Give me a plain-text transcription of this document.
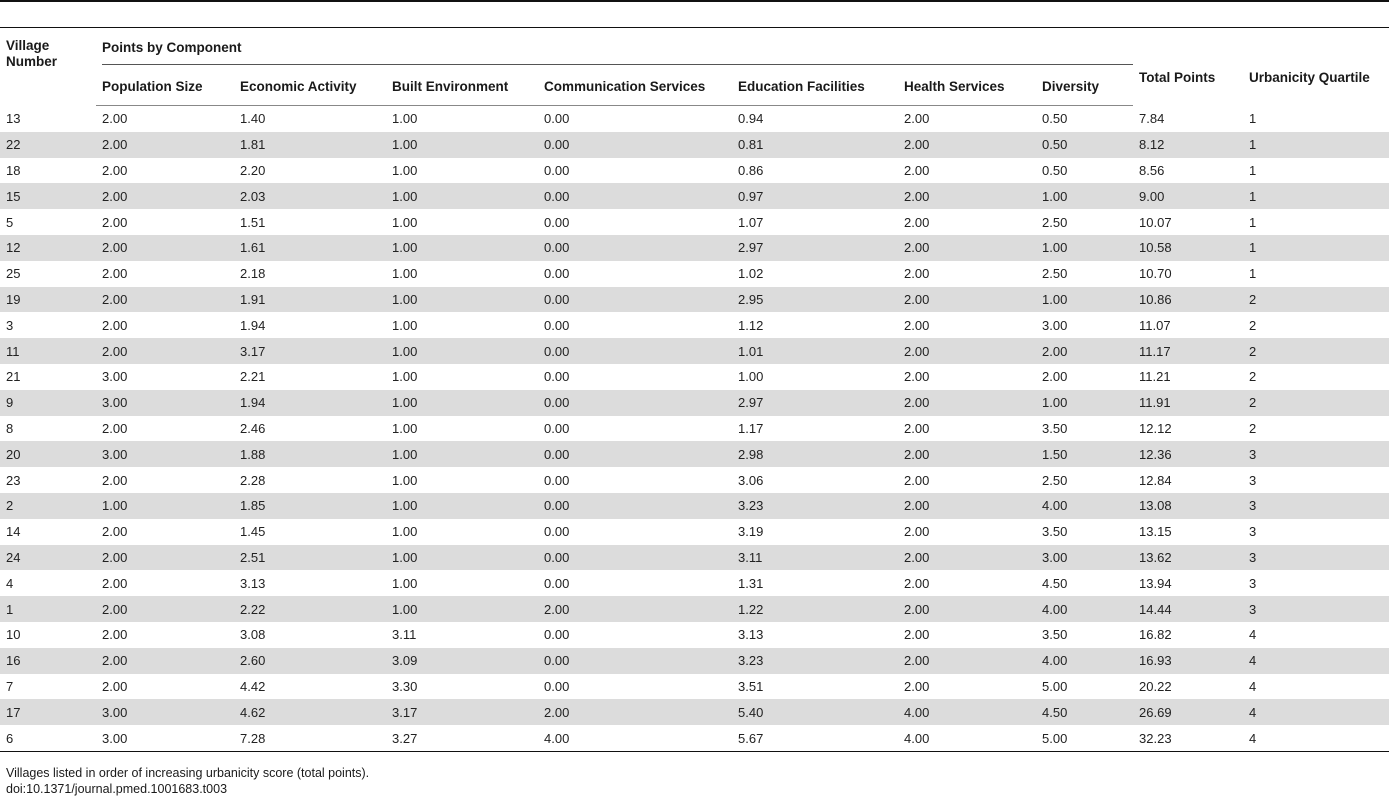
Village Number	Points by Component							Total Points	Urbanicity Quartile
	Population Size	Economic Activity	Built Environment	Communication Services	Education Facilities	Health Services	Diversity		
13	2.00	1.40	1.00	0.00	0.94	2.00	0.50	7.84	1
22	2.00	1.81	1.00	0.00	0.81	2.00	0.50	8.12	1
18	2.00	2.20	1.00	0.00	0.86	2.00	0.50	8.56	1
15	2.00	2.03	1.00	0.00	0.97	2.00	1.00	9.00	1
5	2.00	1.51	1.00	0.00	1.07	2.00	2.50	10.07	1
12	2.00	1.61	1.00	0.00	2.97	2.00	1.00	10.58	1
25	2.00	2.18	1.00	0.00	1.02	2.00	2.50	10.70	1
19	2.00	1.91	1.00	0.00	2.95	2.00	1.00	10.86	2
3	2.00	1.94	1.00	0.00	1.12	2.00	3.00	11.07	2
11	2.00	3.17	1.00	0.00	1.01	2.00	2.00	11.17	2
21	3.00	2.21	1.00	0.00	1.00	2.00	2.00	11.21	2
9	3.00	1.94	1.00	0.00	2.97	2.00	1.00	11.91	2
8	2.00	2.46	1.00	0.00	1.17	2.00	3.50	12.12	2
20	3.00	1.88	1.00	0.00	2.98	2.00	1.50	12.36	3
23	2.00	2.28	1.00	0.00	3.06	2.00	2.50	12.84	3
2	1.00	1.85	1.00	0.00	3.23	2.00	4.00	13.08	3
14	2.00	1.45	1.00	0.00	3.19	2.00	3.50	13.15	3
24	2.00	2.51	1.00	0.00	3.11	2.00	3.00	13.62	3
4	2.00	3.13	1.00	0.00	1.31	2.00	4.50	13.94	3
1	2.00	2.22	1.00	2.00	1.22	2.00	4.00	14.44	3
10	2.00	3.08	3.11	0.00	3.13	2.00	3.50	16.82	4
16	2.00	2.60	3.09	0.00	3.23	2.00	4.00	16.93	4
7	2.00	4.42	3.30	0.00	3.51	2.00	5.00	20.22	4
17	3.00	4.62	3.17	2.00	5.40	4.00	4.50	26.69	4
6	3.00	7.28	3.27	4.00	5.67	4.00	5.00	32.23	4
Villages listed in order of increasing urbanicity score (total points).
doi:10.1371/journal.pmed.1001683.t003
